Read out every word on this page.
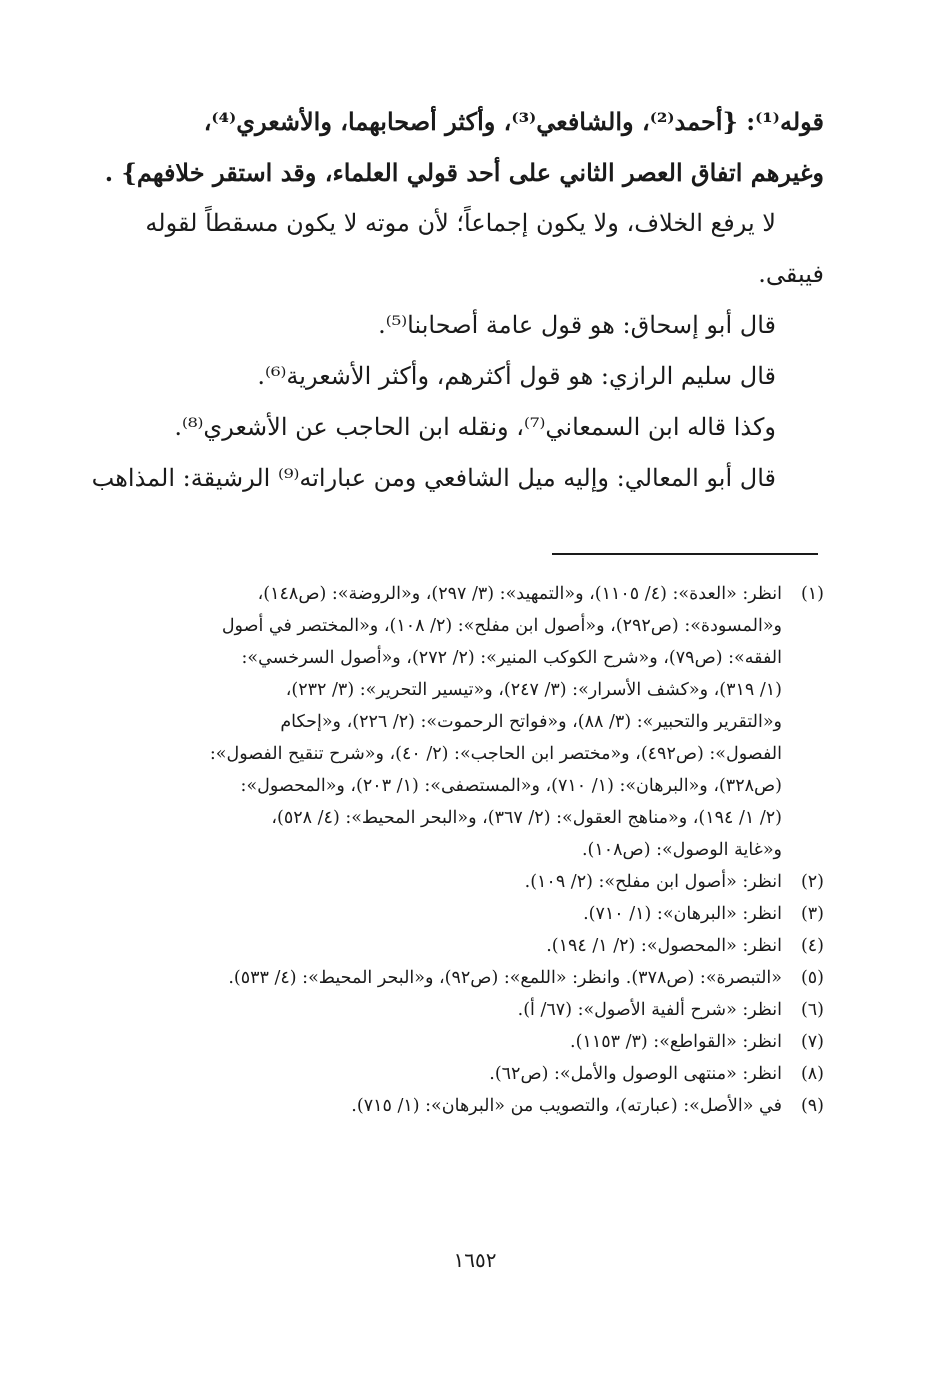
قوله⁽¹⁾: {أحمد⁽²⁾، والشافعي⁽³⁾، وأكثر أصحابهما، والأشعري⁽⁴⁾،
وغيرهم اتفاق العصر الثاني على أحد قولي العلماء، وقد استقر خلافهم} .
لا يرفع الخلاف، ولا يكون إجماعاً؛ لأن موته لا يكون مسقطاً لقوله
فيبقى.
قال أبو إسحاق: هو قول عامة أصحابنا⁽⁵⁾.
قال سليم الرازي: هو قول أكثرهم، وأكثر الأشعرية⁽⁶⁾.
وكذا قاله ابن السمعاني⁽⁷⁾، ونقله ابن الحاجب عن الأشعري⁽⁸⁾.
قال أبو المعالي: وإليه ميل الشافعي ومن عباراته⁽⁹⁾ الرشيقة: المذاهب
(١)
انظر: «العدة»: (٤/ ١١٠٥)، و«التمهيد»: (٣/ ٢٩٧)، و«الروضة»: (ص١٤٨)،
و«المسودة»: (ص٢٩٢)، و«أصول ابن مفلح»: (٢/ ١٠٨)، و«المختصر في أصول
الفقه»: (ص٧٩)، و«شرح الكوكب المنير»: (٢/ ٢٧٢)، و«أصول السرخسي»:
(١/ ٣١٩)، و«كشف الأسرار»: (٣/ ٢٤٧)، و«تيسير التحرير»: (٣/ ٢٣٢)،
و«التقرير والتحبير»: (٣/ ٨٨)، و«فواتح الرحموت»: (٢/ ٢٢٦)، و«إحكام
الفصول»: (ص٤٩٢)، و«مختصر ابن الحاجب»: (٢/ ٤٠)، و«شرح تنقيح الفصول»:
(ص٣٢٨)، و«البرهان»: (١/ ٧١٠)، و«المستصفى»: (١/ ٢٠٣)، و«المحصول»:
(٢/ ١/ ١٩٤)، و«مناهج العقول»: (٢/ ٣٦٧)، و«البحر المحيط»: (٤/ ٥٢٨)،
و«غاية الوصول»: (ص١٠٨).
(٢)
انظر: «أصول ابن مفلح»: (٢/ ١٠٩).
(٣)
انظر: «البرهان»: (١/ ٧١٠).
(٤)
انظر: «المحصول»: (٢/ ١/ ١٩٤).
(٥)
«التبصرة»: (ص٣٧٨). وانظر: «اللمع»: (ص٩٢)، و«البحر المحيط»: (٤/ ٥٣٣).
(٦)
انظر: «شرح ألفية الأصول»: (٦٧/ أ).
(٧)
انظر: «القواطع»: (٣/ ١١٥٣).
(٨)
انظر: «منتهى الوصول والأمل»: (ص٦٢).
(٩)
في «الأصل»: (عبارته)، والتصويب من «البرهان»: (١/ ٧١٥).
١٦٥٢
